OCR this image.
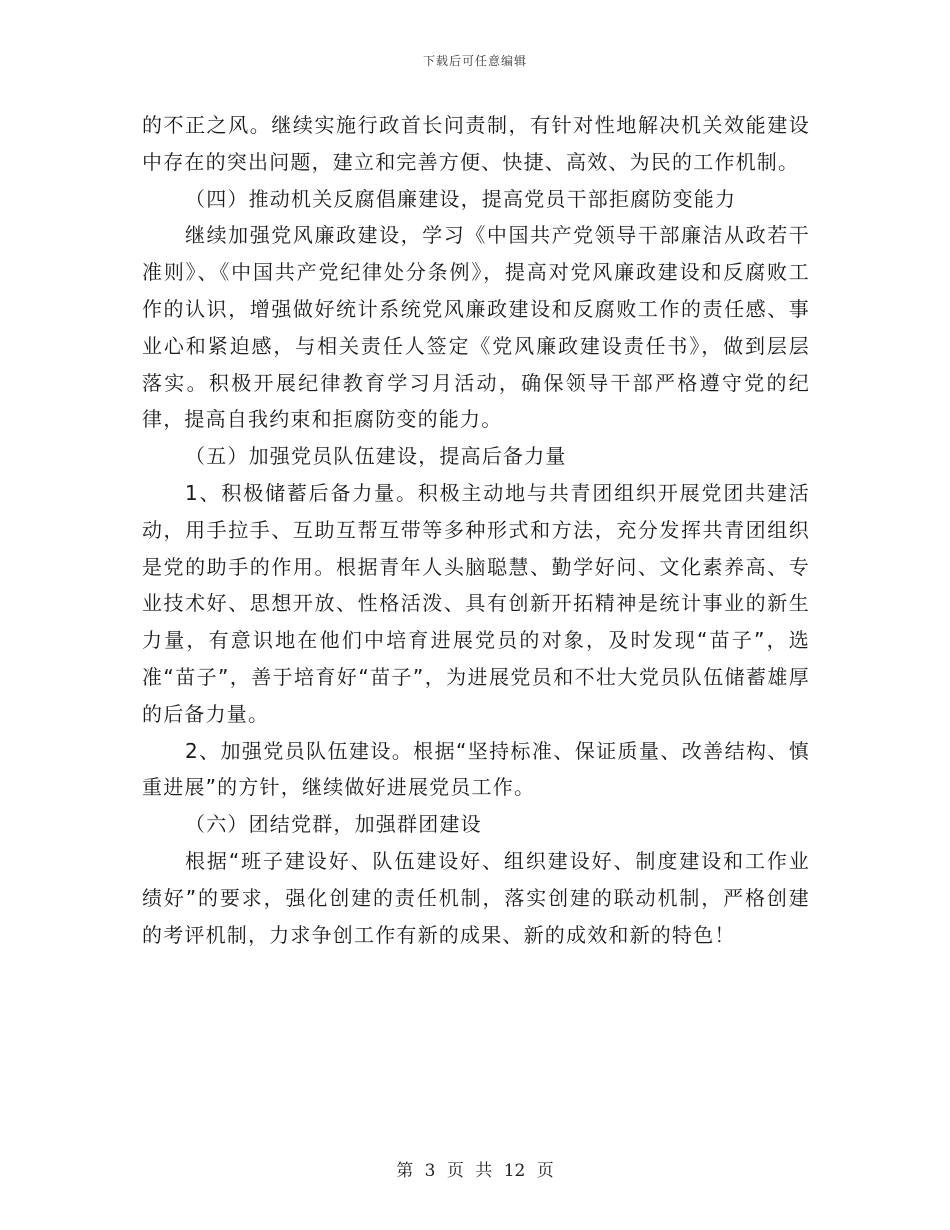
下载后可任意编辑

的不正之风。继续实施行政首长问责制，有针对性地解决机关效能建设中存在的突出问题，建立和完善方便、快捷、高效、为民的工作机制。

（四）推动机关反腐倡廉建设，提高党员干部拒腐防变能力

继续加强党风廉政建设，学习《中国共产党领导干部廉洁从政若干准则》、《中国共产党纪律处分条例》，提高对党风廉政建设和反腐败工作的认识，增强做好统计系统党风廉政建设和反腐败工作的责任感、事业心和紧迫感，与相关责任人签定《党风廉政建设责任书》，做到层层落实。积极开展纪律教育学习月活动，确保领导干部严格遵守党的纪律，提高自我约束和拒腐防变的能力。

（五）加强党员队伍建设，提高后备力量

1、积极储蓄后备力量。积极主动地与共青团组织开展党团共建活动，用手拉手、互助互帮互带等多种形式和方法，充分发挥共青团组织是党的助手的作用。根据青年人头脑聪慧、勤学好问、文化素养高、专业技术好、思想开放、性格活泼、具有创新开拓精神是统计事业的新生力量，有意识地在他们中培育进展党员的对象，及时发现“苗子”，选准“苗子”，善于培育好“苗子”，为进展党员和不壮大党员队伍储蓄雄厚的后备力量。

2、加强党员队伍建设。根据“坚持标准、保证质量、改善结构、慎重进展”的方针，继续做好进展党员工作。

（六）团结党群，加强群团建设

根据“班子建设好、队伍建设好、组织建设好、制度建设和工作业绩好”的要求，强化创建的责任机制，落实创建的联动机制，严格创建的考评机制，力求争创工作有新的成果、新的成效和新的特色！

第 3 页 共 12 页
